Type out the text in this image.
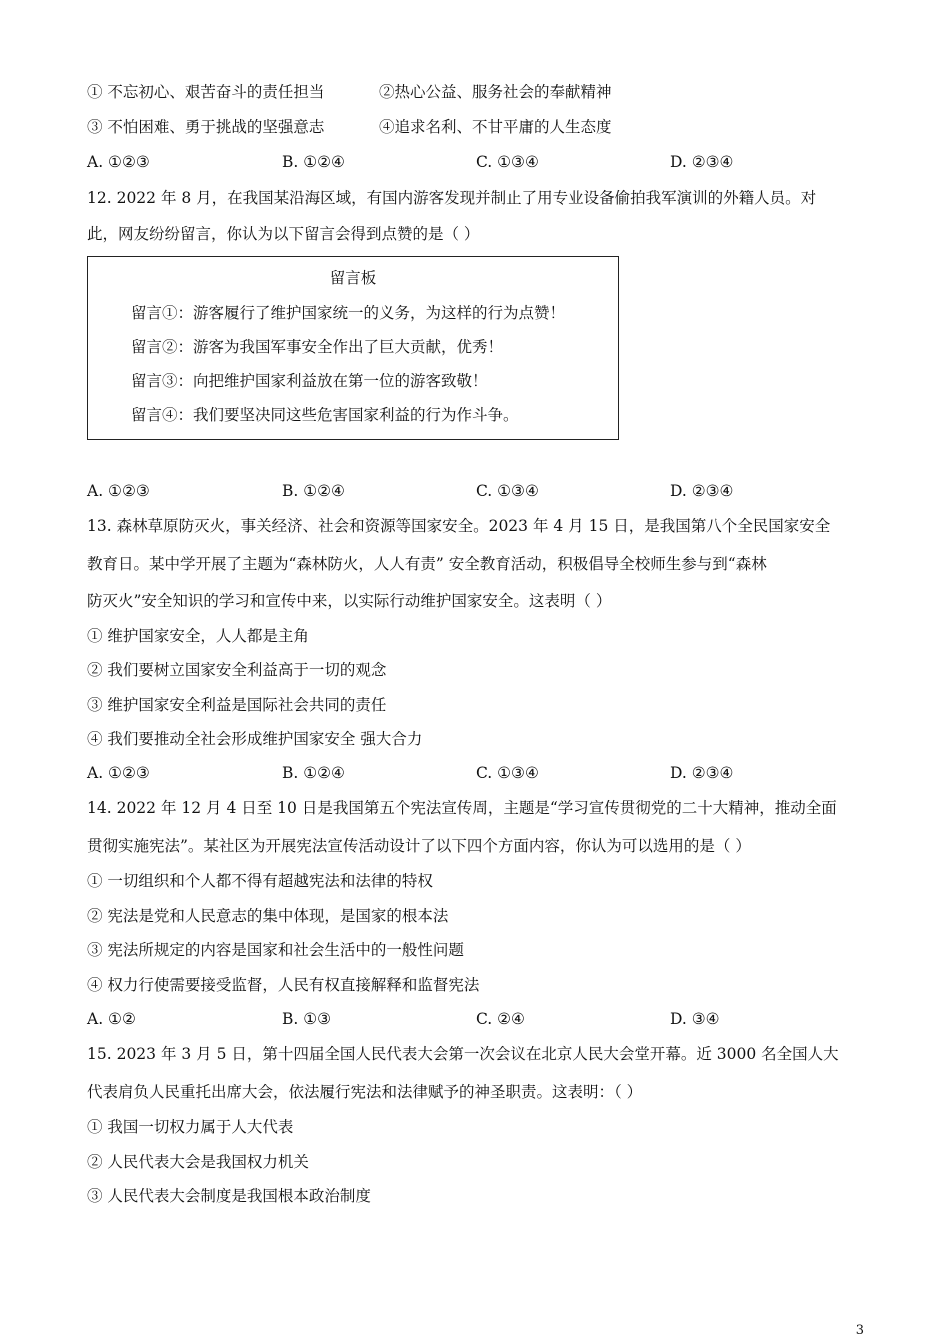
① 不忘初心、艰苦奋斗的责任担当	②热心公益、服务社会的奉献精神
③ 不怕困难、勇于挑战的坚强意志	④追求名利、不甘平庸的人生态度
A. ①②③	B. ①②④	C. ①③④	D. ②③④
12. 2022 年 8 月，在我国某沿海区域，有国内游客发现并制止了用专业设备偷拍我军演训的外籍人员。对
此，网友纷纷留言，你认为以下留言会得到点赞的是（ ）
留言板
留言①：游客履行了维护国家统一的义务，为这样的行为点赞！
留言②：游客为我国军事安全作出了巨大贡献，优秀！
留言③：向把维护国家利益放在第一位的游客致敬！
留言④：我们要坚决同这些危害国家利益的行为作斗争。
A. ①②③	B. ①②④	C. ①③④	D. ②③④
13. 森林草原防灭火，事关经济、社会和资源等国家安全。2023 年 4 月 15 日，是我国第八个全民国家安全
教育日。某中学开展了主题为“森林防火，人人有责” 安全教育活动，积极倡导全校师生参与到“森林
防灭火”安全知识的学习和宣传中来，以实际行动维护国家安全。这表明（ ）
① 维护国家安全，人人都是主角
② 我们要树立国家安全利益高于一切的观念
③ 维护国家安全利益是国际社会共同的责任
④ 我们要推动全社会形成维护国家安全 强大合力
A. ①②③	B. ①②④	C. ①③④	D. ②③④
14. 2022 年 12 月 4 日至 10 日是我国第五个宪法宣传周，主题是“学习宣传贯彻党的二十大精神，推动全面
贯彻实施宪法”。某社区为开展宪法宣传活动设计了以下四个方面内容，你认为可以选用的是（ ）
① 一切组织和个人都不得有超越宪法和法律的特权
② 宪法是党和人民意志的集中体现，是国家的根本法
③ 宪法所规定的内容是国家和社会生活中的一般性问题
④ 权力行使需要接受监督，人民有权直接解释和监督宪法
A. ①②	B. ①③	C. ②④	D. ③④
15. 2023 年 3 月 5 日，第十四届全国人民代表大会第一次会议在北京人民大会堂开幕。近 3000 名全国人大
代表肩负人民重托出席大会，依法履行宪法和法律赋予的神圣职责。这表明：（ ）
① 我国一切权力属于人大代表
② 人民代表大会是我国权力机关
③ 人民代表大会制度是我国根本政治制度
3
